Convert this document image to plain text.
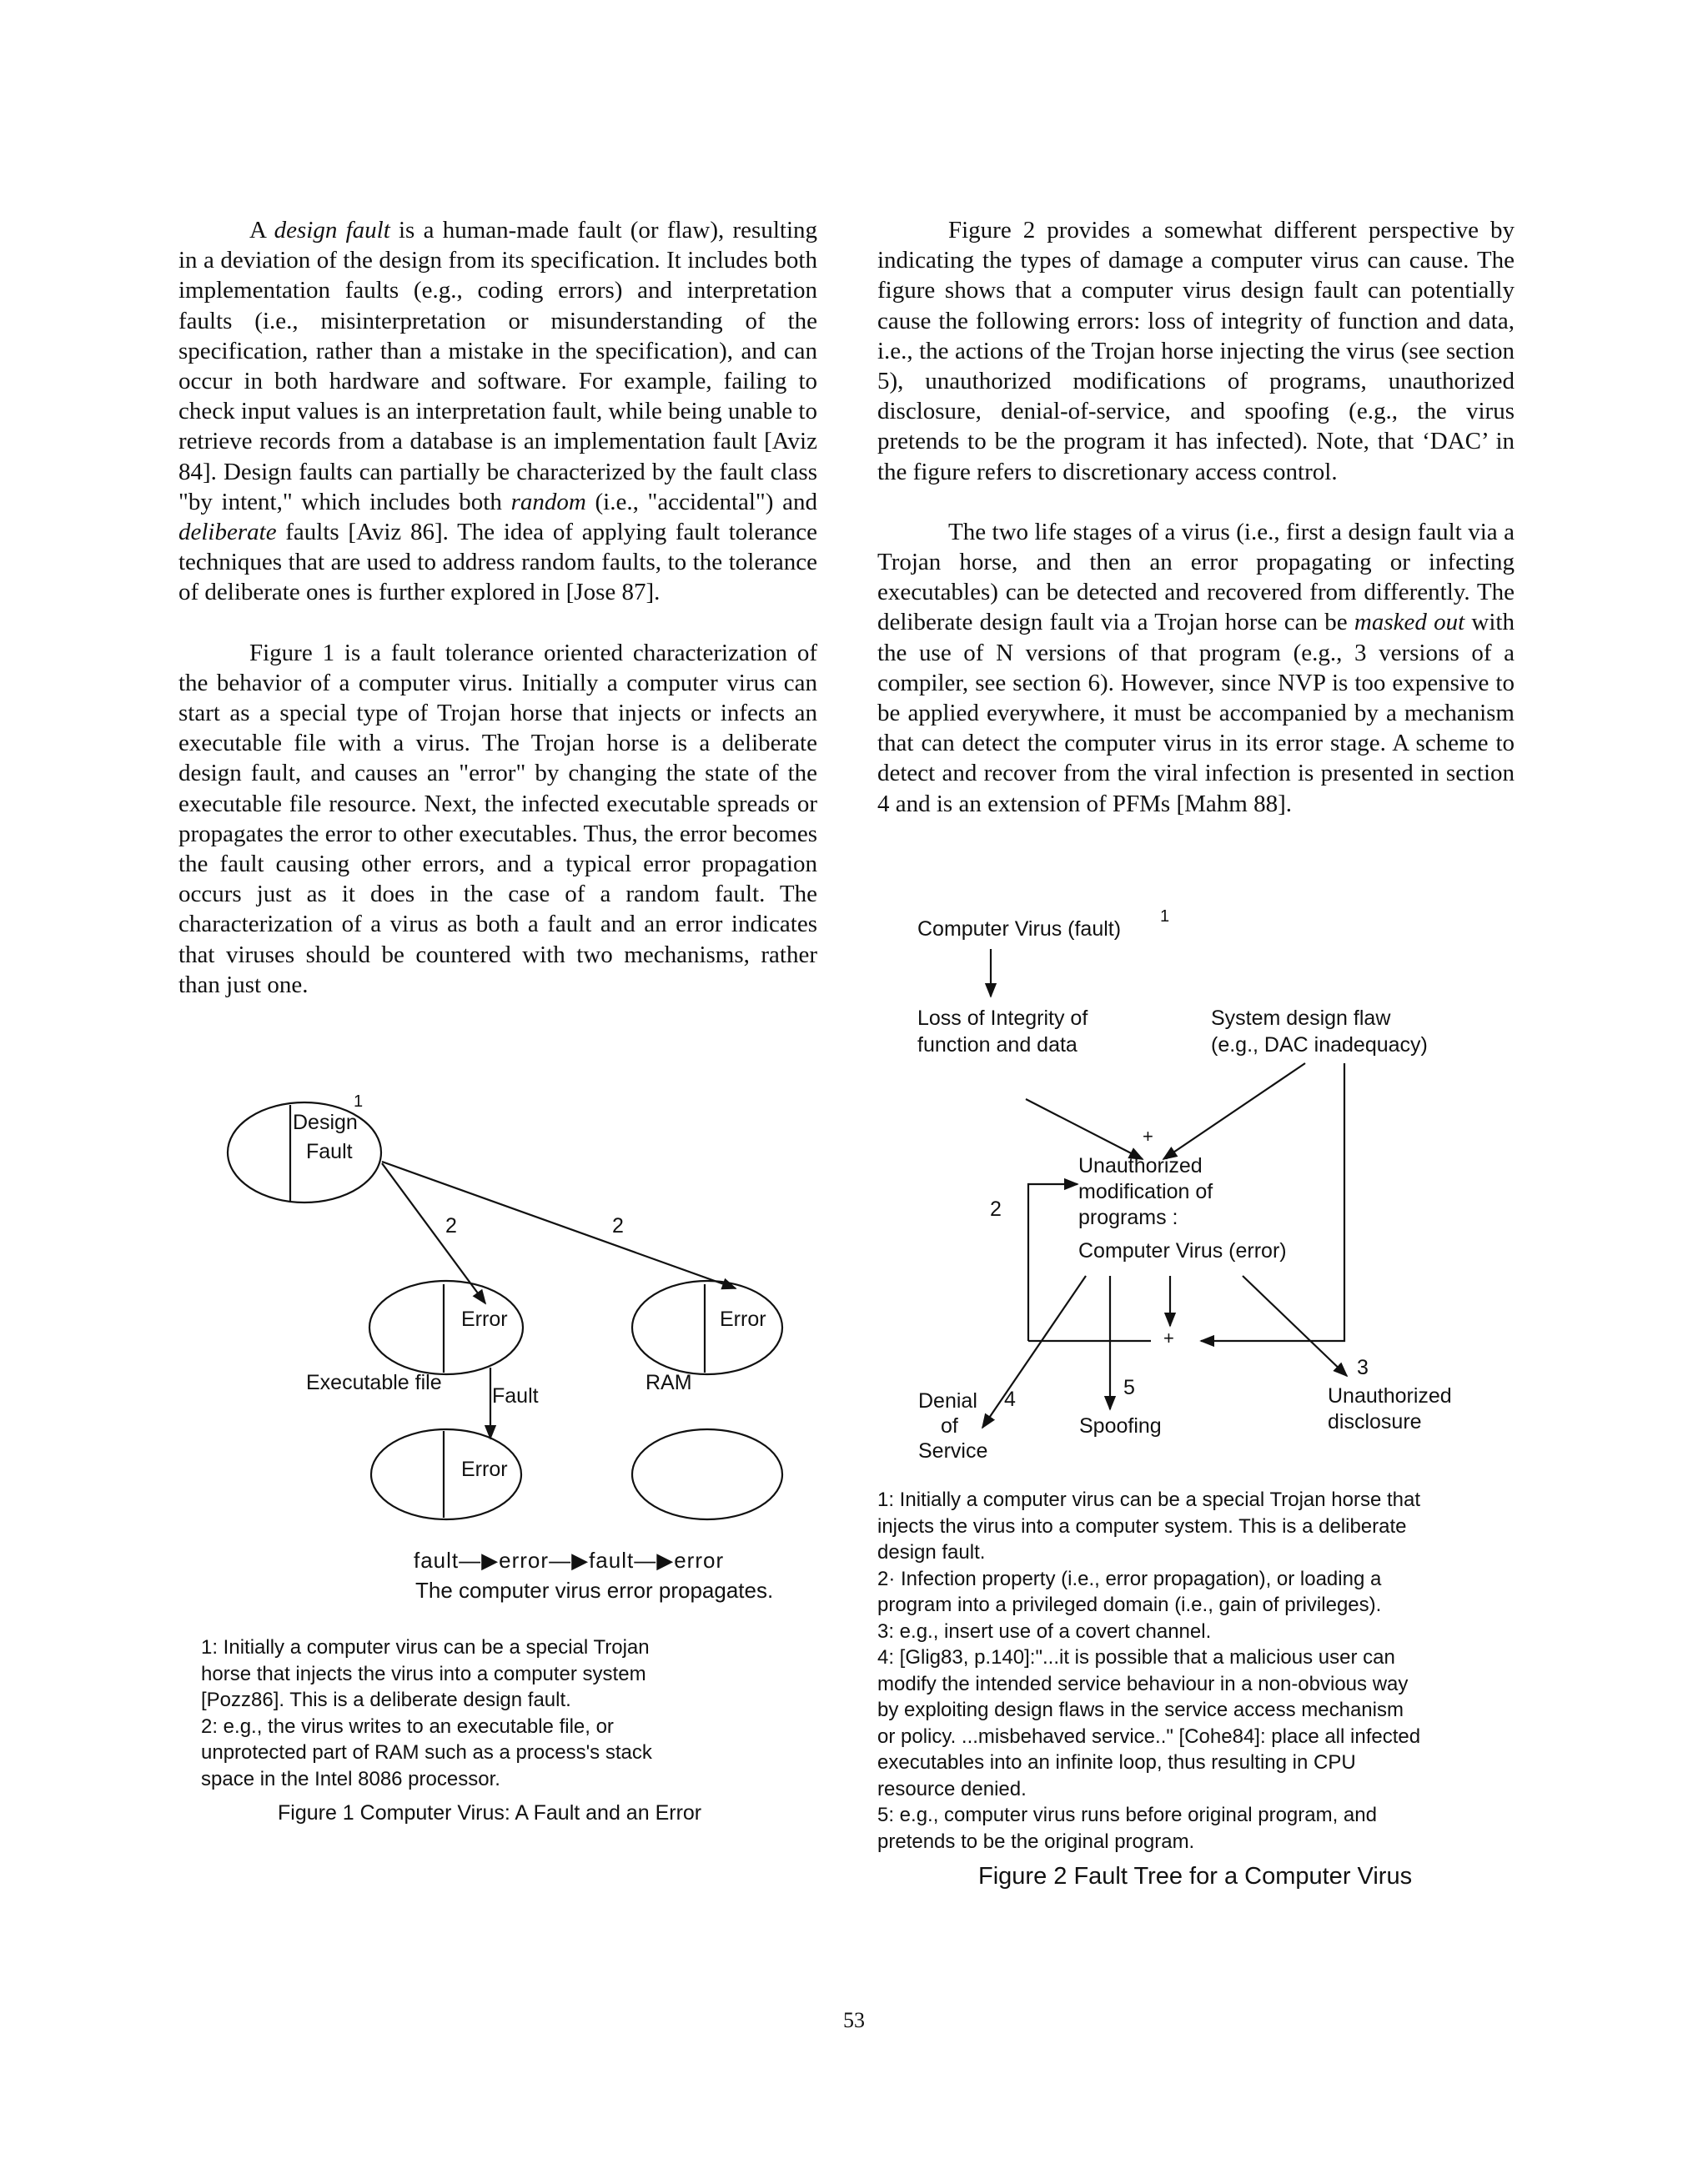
A design fault is a human-made fault (or flaw), resulting in a deviation of the design from its specification. It includes both implementation faults (e.g., coding errors) and interpretation faults (i.e., misinterpretation or misunderstanding of the specification, rather than a mistake in the specification), and can occur in both hardware and software. For example, failing to check input values is an interpretation fault, while being unable to retrieve records from a database is an implementation fault [Aviz 84]. Design faults can partially be characterized by the fault class "by intent," which includes both random (i.e., "accidental") and deliberate faults [Aviz 86]. The idea of applying fault tolerance techniques that are used to address random faults, to the tolerance of deliberate ones is further explored in [Jose 87].

Figure 1 is a fault tolerance oriented characterization of the behavior of a computer virus. Initially a computer virus can start as a special type of Trojan horse that injects or infects an executable file with a virus. The Trojan horse is a deliberate design fault, and causes an "error" by changing the state of the executable file resource. Next, the infected executable spreads or propagates the error to other executables. Thus, the error becomes the fault causing other errors, and a typical error propagation occurs just as it does in the case of a random fault. The characterization of a virus as both a fault and an error indicates that viruses should be countered with two mechanisms, rather than just one.

Figure 2 provides a somewhat different perspective by indicating the types of damage a computer virus can cause. The figure shows that a computer virus design fault can potentially cause the following errors: loss of integrity of function and data, i.e., the actions of the Trojan horse injecting the virus (see section 5), unauthorized modifications of programs, unauthorized disclosure, denial-of-service, and spoofing (e.g., the virus pretends to be the program it has infected). Note, that ‘DAC’ in the figure refers to discretionary access control.

The two life stages of a virus (i.e., first a design fault via a Trojan horse, and then an error propagating or infecting executables) can be detected and recovered from differently. The deliberate design fault via a Trojan horse can be masked out with the use of N versions of that program (e.g., 3 versions of a compiler, see section 6). However, since NVP is too expensive to be applied everywhere, it must be accompanied by a mechanism that can detect the computer virus in its error stage. A scheme to detect and recover from the viral infection is presented in section 4 and is an extension of PFMs [Mahm 88].

Design
1
Fault
2	2
Error	Error
Executable file	RAM
Fault
Error
fault—▶error—▶fault—▶error
The computer virus error propagates.
1: Initially a computer virus can be a special Trojan
horse that injects the virus into a computer system
[Pozz86]. This is a deliberate design fault.
2: e.g., the virus writes to an executable file, or
unprotected part of RAM such as a process's stack
space in the Intel 8086 processor.
Figure 1 Computer Virus: A Fault and an Error
Computer Virus (fault)
1
Loss of Integrity of
function and data
System design flaw
(e.g., DAC inadequacy)
+
Unauthorized
modification of
programs :
2
Computer Virus (error)
+
Denial
of
Service
4	5
Spoofing
3
Unauthorized
disclosure
1: Initially a computer virus can be a special Trojan horse that
injects the virus into a computer system. This is a deliberate
design fault.
2· Infection property (i.e., error propagation), or loading a
program into a privileged domain (i.e., gain of privileges).
3: e.g., insert use of a covert channel.
4: [Glig83, p.140]:"...it is possible that a malicious user can
modify the intended service behaviour in a non-obvious way
by exploiting design flaws in the service access mechanism
or policy. ...misbehaved service.." [Cohe84]: place all infected
executables into an infinite loop, thus resulting in CPU
resource denied.
5: e.g., computer virus runs before original program, and
pretends to be the original program.
Figure 2 Fault Tree for a Computer Virus
53
